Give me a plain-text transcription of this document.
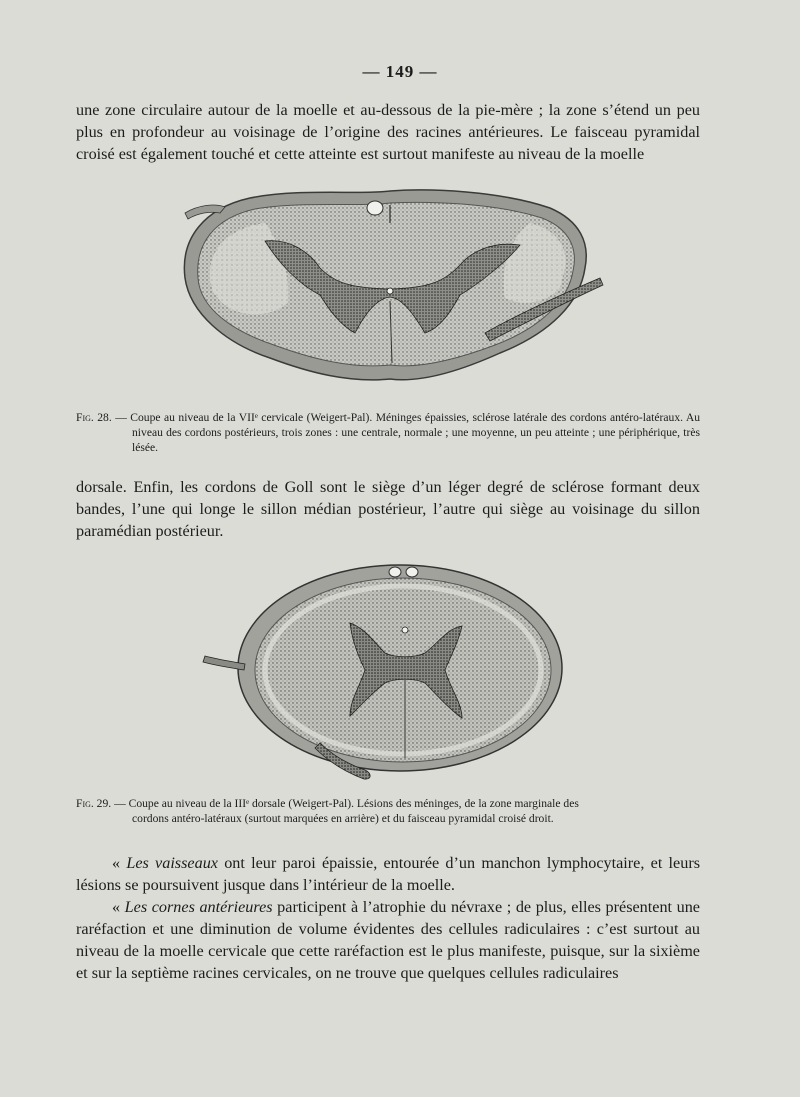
— 149 —

une zone circulaire autour de la moelle et au-dessous de la pie-mère ; la zone s’étend un peu plus en profondeur au voisinage de l’origine des racines antérieures. Le faisceau pyramidal croisé est également touché et cette atteinte est surtout manifeste au niveau de la moelle

Fig. 28. — Coupe au niveau de la VIIᵉ cervicale (Weigert-Pal). Méninges épaissies, sclérose latérale des cordons antéro-latéraux. Au niveau des cordons postérieurs, trois zones : une centrale, normale ; une moyenne, un peu atteinte ; une périphérique, très lésée.

dorsale. Enfin, les cordons de Goll sont le siège d’un léger degré de sclérose formant deux bandes, l’une qui longe le sillon médian postérieur, l’autre qui siège au voisinage du sillon paramédian postérieur.

Fig. 29. — Coupe au niveau de la IIIᵉ dorsale (Weigert-Pal). Lésions des méninges, de la zone marginale des
cordons antéro-latéraux (surtout marquées en arrière) et du faisceau pyramidal croisé droit.

« Les vaisseaux ont leur paroi épaissie, entourée d’un manchon lymphocytaire, et leurs lésions se poursuivent jusque dans l’intérieur de la moelle.

« Les cornes antérieures participent à l’atrophie du névraxe ; de plus, elles présentent une raréfaction et une diminution de volume évidentes des cellules radiculaires : c’est surtout au niveau de la moelle cervicale que cette raréfaction est le plus manifeste, puisque, sur la sixième et sur la septième racines cervicales, on ne trouve que quelques cellules radiculaires
